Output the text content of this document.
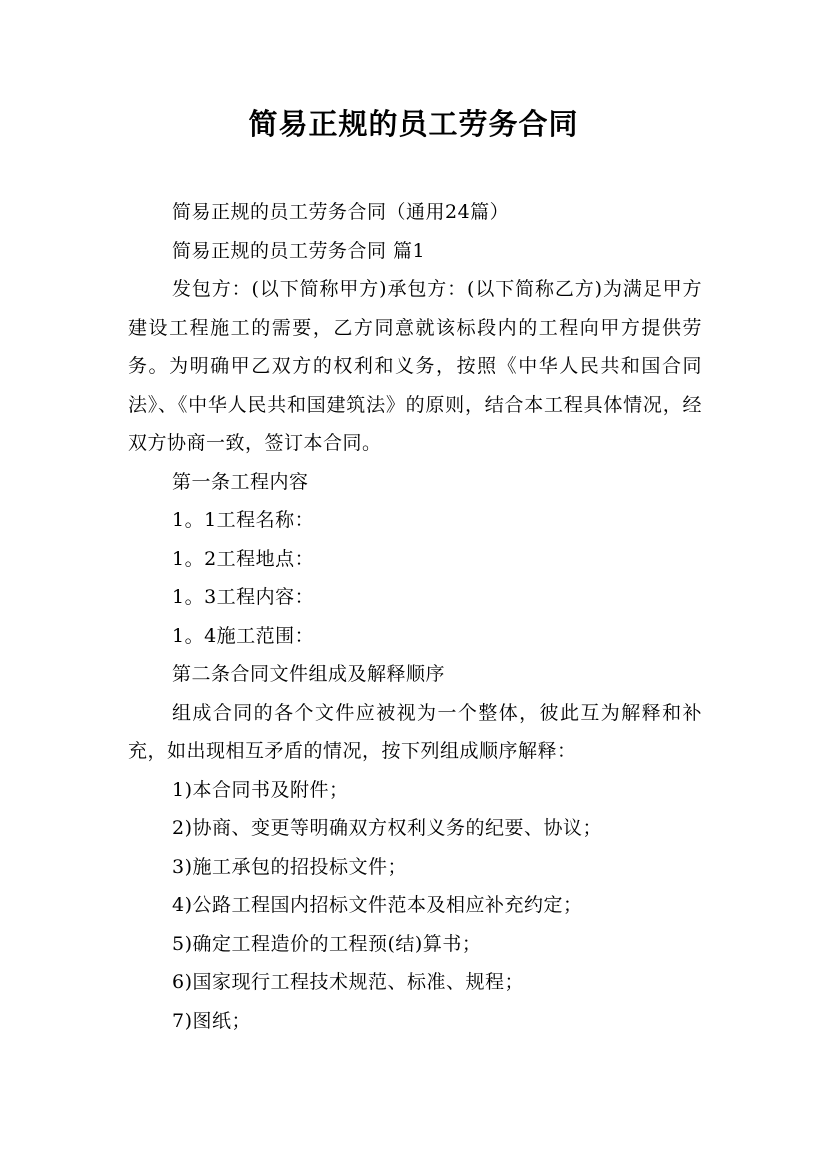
简易正规的员工劳务合同

简易正规的员工劳务合同（通用24篇）

简易正规的员工劳务合同 篇1

发包方：(以下简称甲方)承包方：(以下简称乙方)为满足甲方建设工程施工的需要，乙方同意就该标段内的工程向甲方提供劳务。为明确甲乙双方的权利和义务，按照《中华人民共和国合同法》、《中华人民共和国建筑法》的原则，结合本工程具体情况，经双方协商一致，签订本合同。

第一条工程内容

1。1工程名称：

1。2工程地点：

1。3工程内容：

1。4施工范围：

第二条合同文件组成及解释顺序

组成合同的各个文件应被视为一个整体，彼此互为解释和补充，如出现相互矛盾的情况，按下列组成顺序解释：

1)本合同书及附件；

2)协商、变更等明确双方权利义务的纪要、协议；

3)施工承包的招投标文件；

4)公路工程国内招标文件范本及相应补充约定；

5)确定工程造价的工程预(结)算书；

6)国家现行工程技术规范、标准、规程；

7)图纸；
